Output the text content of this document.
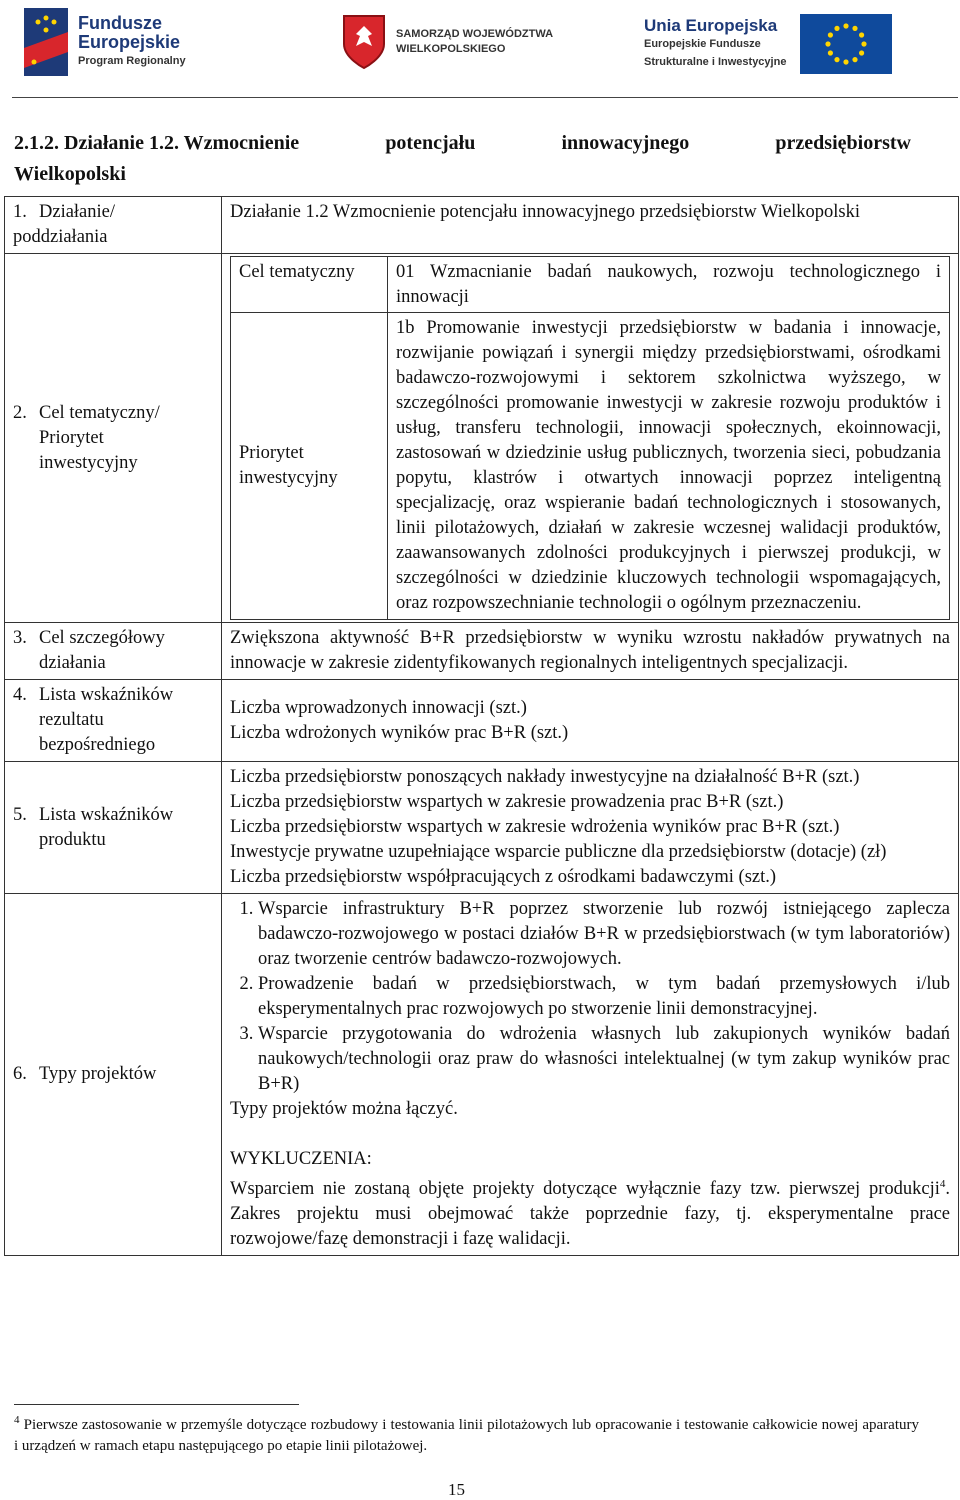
Fundusze
Europejskie
Program Regionalny
SAMORZĄD WOJEWÓDZTWA
WIELKOPOLSKIEGO
Unia Europejska
Europejskie Fundusze
Strukturalne i Inwestycyjne
2.1.2. Działanie 1.2. Wzmocnienie	potencjału	innowacyjnego	przedsiębiorstw
Wielkopolski
1. Działanie/ poddziałania	Działanie 1.2 Wzmocnienie potencjału innowacyjnego przedsiębiorstw Wielkopolski

2. Cel tematyczny/ Priorytet inwestycyjny

Cel tematyczny	01 Wzmacnianie badań naukowych, rozwoju technologicznego i innowacji
Priorytet inwestycyjny	1b Promowanie inwestycji przedsiębiorstw w badania i innowacje, rozwijanie powiązań i synergii między przedsiębiorstwami, ośrodkami badawczo-rozwojowymi i sektorem szkolnictwa wyższego, w szczególności promowanie inwestycji w zakresie rozwoju produktów i usług, transferu technologii, innowacji społecznych, ekoinnowacji, zastosowań w dziedzinie usług publicznych, tworzenia sieci, pobudzania popytu, klastrów i otwartych innowacji poprzez inteligentną specjalizację, oraz wspieranie badań technologicznych i stosowanych, linii pilotażowych, działań w zakresie wczesnej walidacji produktów, zaawansowanych zdolności produkcyjnych i pierwszej produkcji, w szczególności w dziedzinie kluczowych technologii wspomagających, oraz rozpowszechnianie technologii o ogólnym przeznaczeniu.

3. Cel szczegółowy działania
	Zwiększona aktywność B+R przedsiębiorstw w wyniku wzrostu nakładów prywatnych na innowacje w zakresie zidentyfikowanych regionalnych inteligentnych specjalizacji.

4. Lista wskaźników rezultatu bezpośredniego

Liczba wprowadzonych innowacji (szt.)
Liczba wdrożonych wyników prac B+R (szt.)

5. Lista wskaźników produktu

Liczba przedsiębiorstw ponoszących nakłady inwestycyjne na działalność B+R (szt.)
Liczba przedsiębiorstw wspartych w zakresie prowadzenia prac B+R (szt.)
Liczba przedsiębiorstw wspartych w zakresie wdrożenia wyników prac B+R (szt.)
Inwestycje prywatne uzupełniające wsparcie publiczne dla przedsiębiorstw (dotacje) (zł)
Liczba przedsiębiorstw współpracujących z ośrodkami badawczymi (szt.)

6. Typy projektów	
1. Wsparcie infrastruktury B+R poprzez stworzenie lub rozwój istniejącego zaplecza badawczo-rozwojowego w postaci działów B+R w przedsiębiorstwach (w tym laboratoriów) oraz tworzenie centrów badawczo-rozwojowych.
2. Prowadzenie badań w przedsiębiorstwach, w tym badań przemysłowych i/lub eksperymentalnych prac rozwojowych po stworzenie linii demonstracyjnej.
3. Wsparcie przygotowania do wdrożenia własnych lub zakupionych wyników badań naukowych/technologii oraz praw do własności intelektualnej (w tym zakup wyników prac B+R)
Typy projektów można łączyć.
WYKLUCZENIA:
Wsparciem nie zostaną objęte projekty dotyczące wyłącznie fazy tzw. pierwszej produkcji$^4$. Zakres projektu musi obejmować także poprzednie fazy, tj. eksperymentalne prace rozwojowe/fazę demonstracji i fazę walidacji.
$^4$ Pierwsze zastosowanie w przemyśle dotyczące rozbudowy i testowania linii pilotażowych lub opracowanie i testowanie całkowicie nowej aparatury i urządzeń w ramach etapu następującego po etapie linii pilotażowej.
15
